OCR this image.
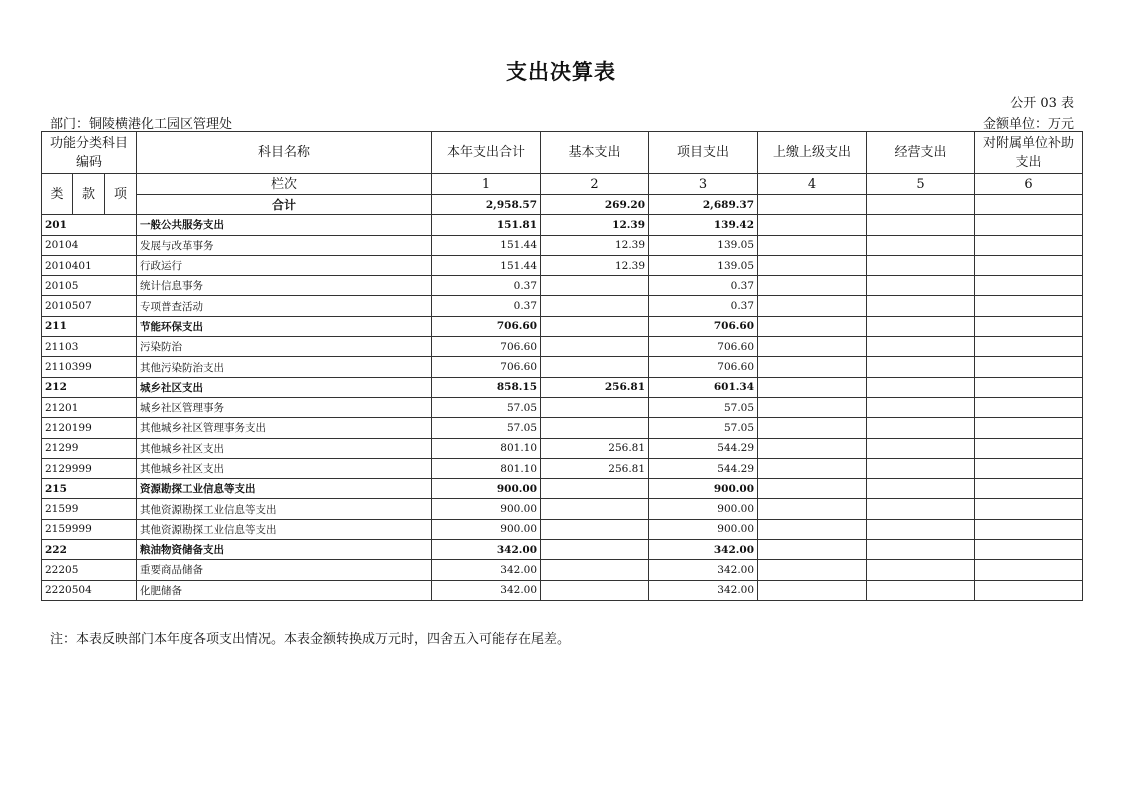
支出决算表
公开 03 表
部门：铜陵横港化工园区管理处	金额单位：万元
功能分类科目编码			科目名称	本年支出合计	基本支出	项目支出	上缴上级支出	经营支出	对附属单位补助支出
类	款	项	栏次	1	2	3	4	5	6
			合计	2,958.57	269.20	2,689.37			
201			一般公共服务支出	151.81	12.39	139.42			
20104			发展与改革事务	151.44	12.39	139.05			
2010401			行政运行	151.44	12.39	139.05			
20105			统计信息事务	0.37		0.37			
2010507			专项普查活动	0.37		0.37			
211			节能环保支出	706.60		706.60			
21103			污染防治	706.60		706.60			
2110399			其他污染防治支出	706.60		706.60			
212			城乡社区支出	858.15	256.81	601.34			
21201			城乡社区管理事务	57.05		57.05			
2120199			其他城乡社区管理事务支出	57.05		57.05			
21299			其他城乡社区支出	801.10	256.81	544.29			
2129999			其他城乡社区支出	801.10	256.81	544.29			
215			资源勘探工业信息等支出	900.00		900.00			
21599			其他资源勘探工业信息等支出	900.00		900.00			
2159999			其他资源勘探工业信息等支出	900.00		900.00			
222			粮油物资储备支出	342.00		342.00			
22205			重要商品储备	342.00		342.00			
2220504			化肥储备	342.00		342.00			
注：本表反映部门本年度各项支出情况。本表金额转换成万元时，四舍五入可能存在尾差。
